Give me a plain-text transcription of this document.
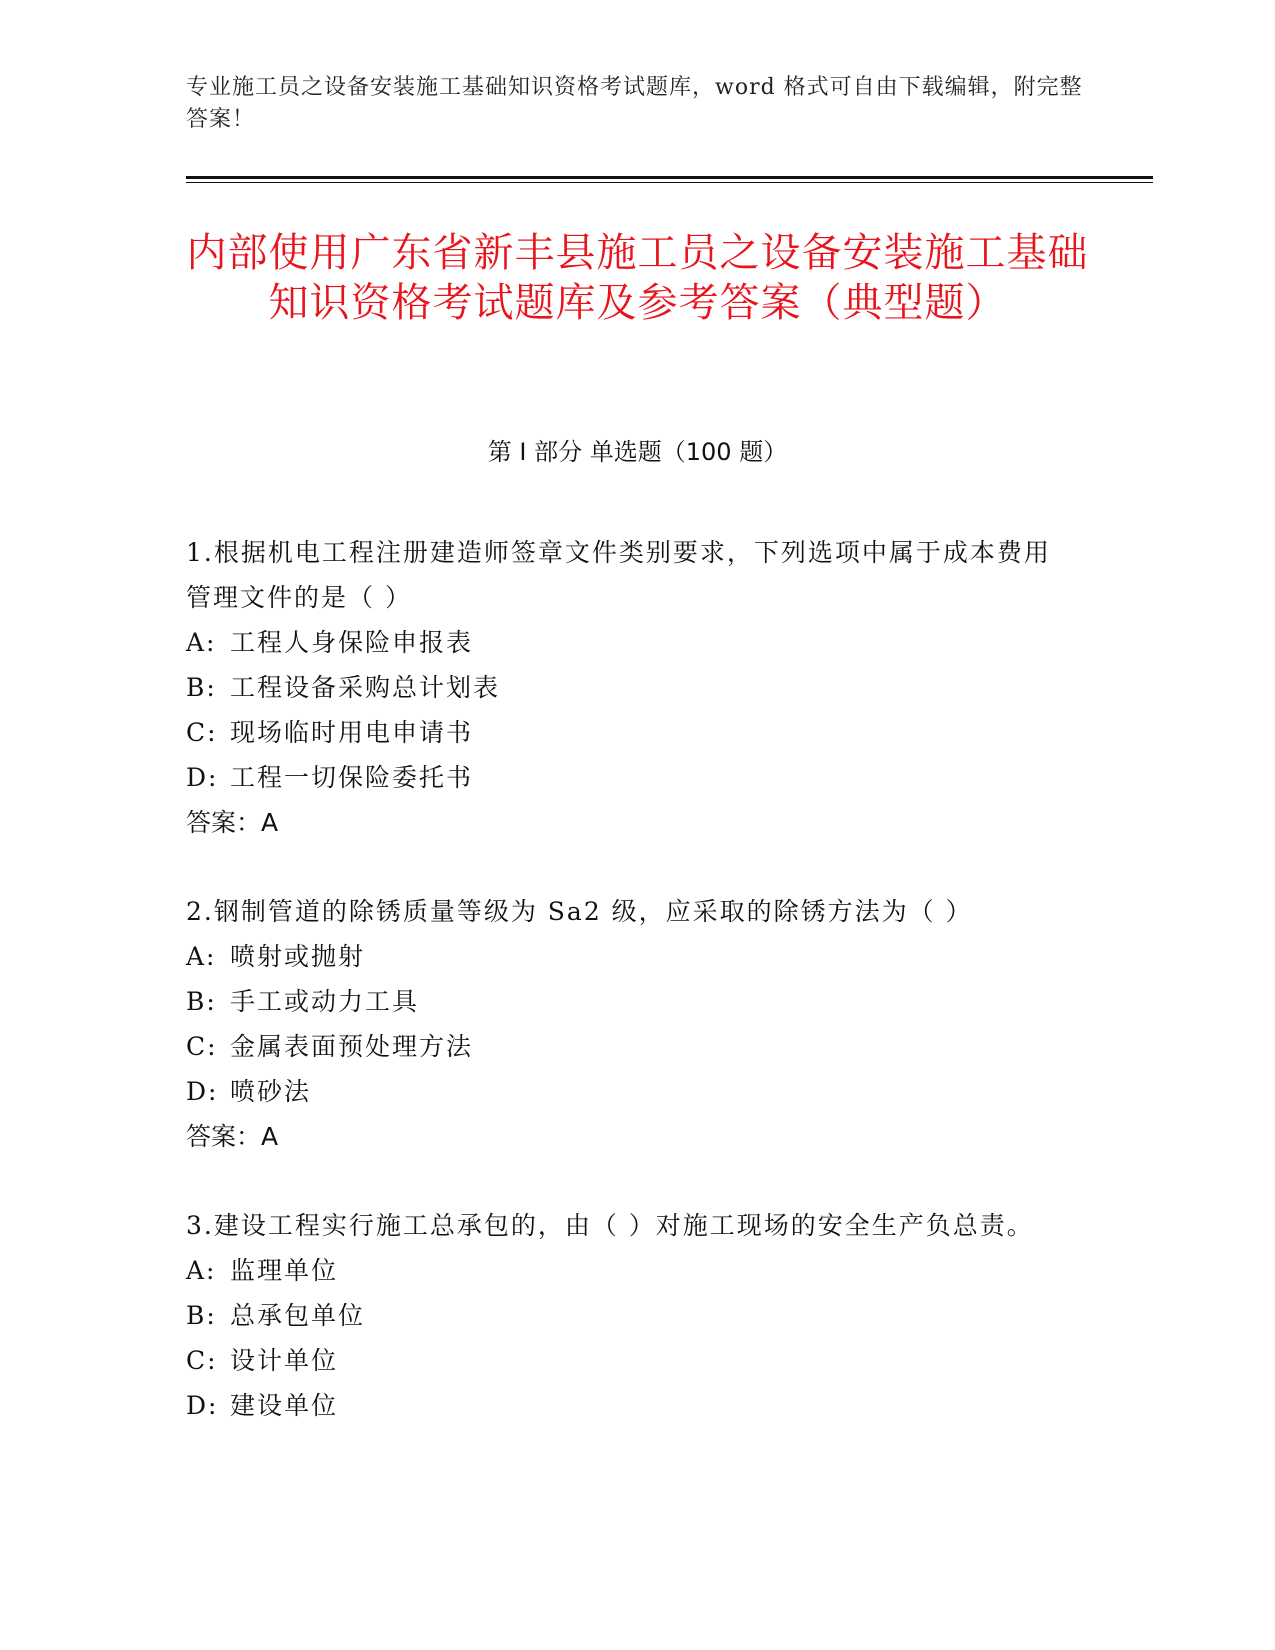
专业施工员之设备安装施工基础知识资格考试题库，word 格式可自由下载编辑，附完整答案！
内部使用广东省新丰县施工员之设备安装施工基础知识资格考试题库及参考答案（典型题）
第 I 部分 单选题（100 题）

1.根据机电工程注册建造师签章文件类别要求，下列选项中属于成本费用管理文件的是（ ）

A: 工程人身保险申报表
B: 工程设备采购总计划表
C: 现场临时用电申请书
D: 工程一切保险委托书
答案：A

2.钢制管道的除锈质量等级为 Sa2 级，应采取的除锈方法为（ ）

A: 喷射或抛射
B: 手工或动力工具
C: 金属表面预处理方法
D: 喷砂法
答案：A

3.建设工程实行施工总承包的，由（ ）对施工现场的安全生产负总责。

A: 监理单位
B: 总承包单位
C: 设计单位
D: 建设单位
